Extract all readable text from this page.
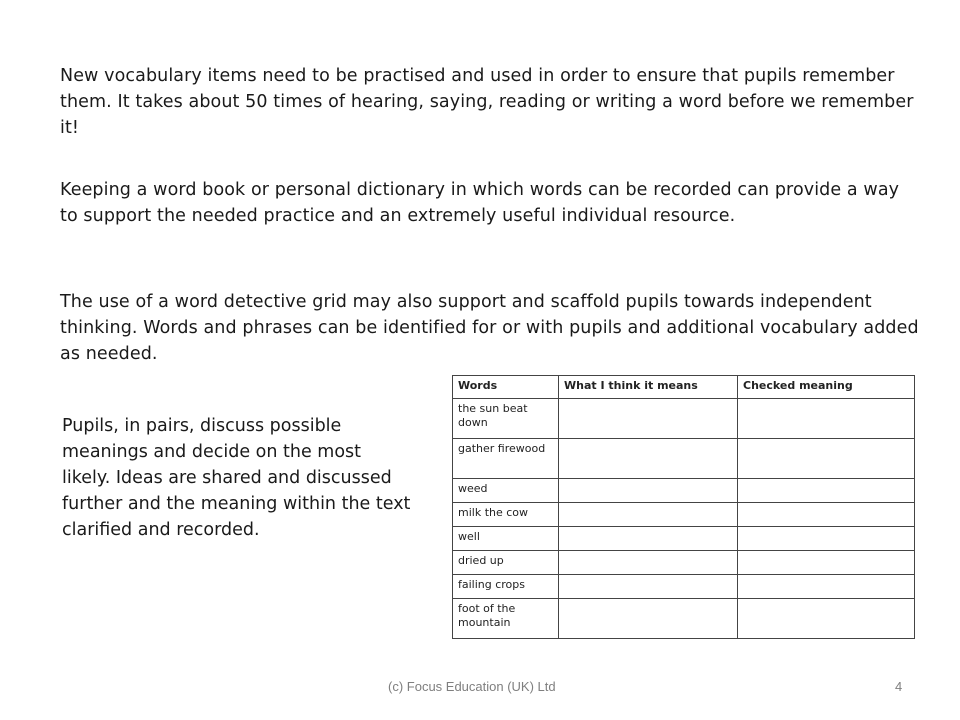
New vocabulary items need to be practised and used in order to ensure that pupils remember them. It takes about 50 times of hearing, saying, reading or writing a word before we remember it!

Keeping a word book or personal dictionary in which words can be recorded can provide a way to support the needed practice and an extremely useful individual resource.

The use of a word detective grid may also support and scaffold pupils towards independent thinking. Words and phrases can be identified for or with pupils and additional vocabulary added as needed.

Pupils, in pairs, discuss possible meanings and decide on the most likely. Ideas are shared and discussed further and the meaning within the text clarified and recorded.

Words	What I think it means	Checked meaning
the sun beat down		
gather firewood		
weed		
milk the cow		
well		
dried up		
failing crops		
foot of the mountain		
(c) Focus Education (UK) Ltd	4
